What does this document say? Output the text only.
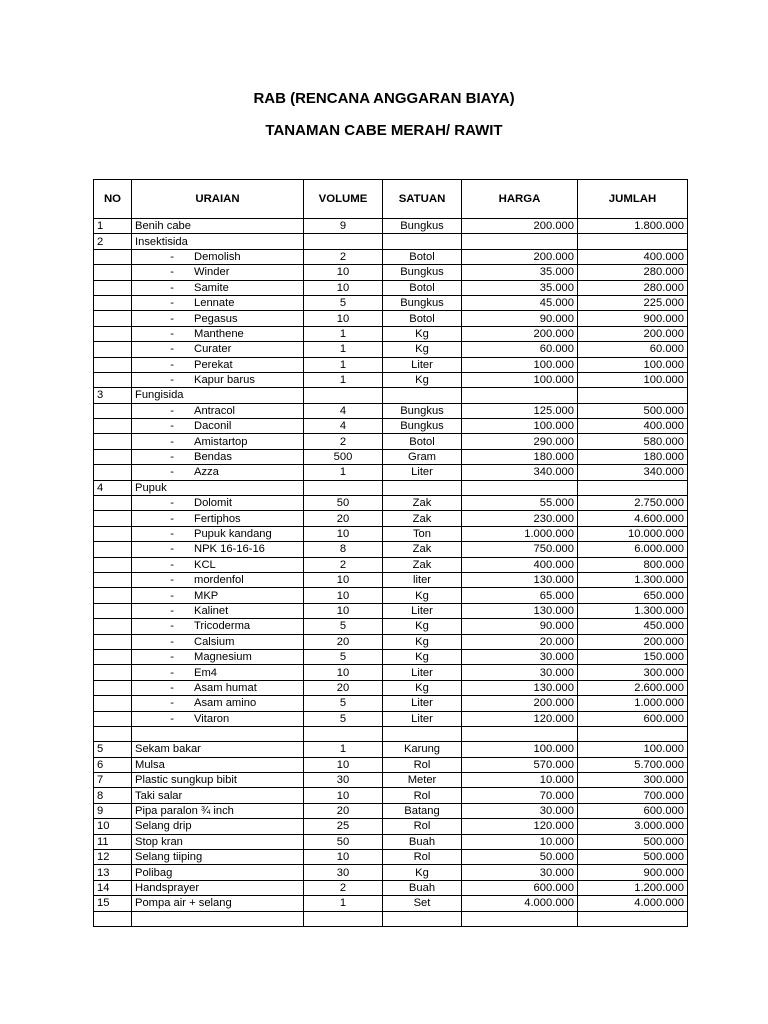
RAB (RENCANA ANGGARAN BIAYA)
TANAMAN CABE MERAH/ RAWIT
NO	URAIAN	VOLUME	SATUAN	HARGA	JUMLAH
1	Benih cabe	9	Bungkus	200.000	1.800.000
2	Insektisida				
	- Demolish	2	Botol	200.000	400.000
	- Winder	10	Bungkus	35.000	280.000
	- Samite	10	Botol	35.000	280.000
	- Lennate	5	Bungkus	45.000	225.000
	- Pegasus	10	Botol	90.000	900.000
	- Manthene	1	Kg	200.000	200.000
	- Curater	1	Kg	60.000	60.000
	- Perekat	1	Liter	100.000	100.000
	- Kapur barus	1	Kg	100.000	100.000
3	Fungisida				
	- Antracol	4	Bungkus	125.000	500.000
	- Daconil	4	Bungkus	100.000	400.000
	- Amistartop	2	Botol	290.000	580.000
	- Bendas	500	Gram	180.000	180.000
	- Azza	1	Liter	340.000	340.000
4	Pupuk				
	- Dolomit	50	Zak	55.000	2.750.000
	- Fertiphos	20	Zak	230.000	4.600.000
	- Pupuk kandang	10	Ton	1.000.000	10.000.000
	- NPK 16-16-16	8	Zak	750.000	6.000.000
	- KCL	2	Zak	400.000	800.000
	- mordenfol	10	liter	130.000	1.300.000
	- MKP	10	Kg	65.000	650.000
	- Kalinet	10	Liter	130.000	1.300.000
	- Tricoderma	5	Kg	90.000	450.000
	- Calsium	20	Kg	20.000	200.000
	- Magnesium	5	Kg	30.000	150.000
	- Em4	10	Liter	30.000	300.000
	- Asam humat	20	Kg	130.000	2.600.000
	- Asam amino	5	Liter	200.000	1.000.000
	- Vitaron	5	Liter	120.000	600.000

5	Sekam bakar	1	Karung	100.000	100.000
6	Mulsa	10	Rol	570.000	5.700.000
7	Plastic sungkup bibit	30	Meter	10.000	300.000
8	Taki salar	10	Rol	70.000	700.000
9	Pipa paralon ¾ inch	20	Batang	30.000	600.000
10	Selang drip	25	Rol	120.000	3.000.000
11	Stop kran	50	Buah	10.000	500.000
12	Selang tiiping	10	Rol	50.000	500.000
13	Polibag	30	Kg	30.000	900.000
14	Handsprayer	2	Buah	600.000	1.200.000
15	Pompa air + selang	1	Set	4.000.000	4.000.000
